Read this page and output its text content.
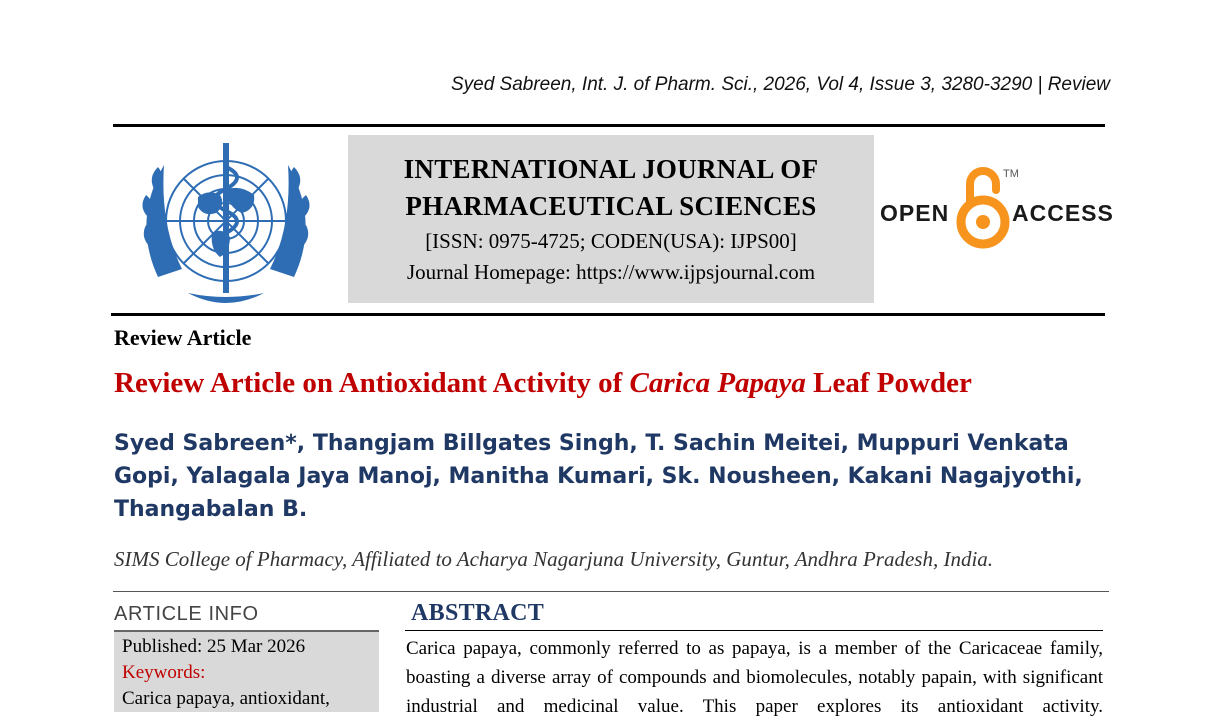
Syed Sabreen, Int. J. of Pharm. Sci., 2026, Vol 4, Issue 3, 3280-3290 | Review
INTERNATIONAL JOURNAL OF
PHARMACEUTICAL SCIENCES
[ISSN: 0975-4725; CODEN(USA): IJPS00]
Journal Homepage: https://www.ijpsjournal.com
OPEN
TM
ACCESS
Review Article
Review Article on Antioxidant Activity of Carica Papaya Leaf Powder
Syed Sabreen*, Thangjam Billgates Singh, T. Sachin Meitei, Muppuri Venkata Gopi, Yalagala Jaya Manoj, Manitha Kumari, Sk. Nousheen, Kakani Nagajyothi, Thangabalan B.
SIMS College of Pharmacy, Affiliated to Acharya Nagarjuna University, Guntur, Andhra Pradesh, India.
ARTICLE INFO
Published: 25 Mar 2026
Keywords:
Carica papaya, antioxidant,
ABSTRACT
Carica papaya, commonly referred to as papaya, is a member of the Caricaceae family, boasting a diverse array of compounds and biomolecules, notably papain, with significant industrial and medicinal value. This paper explores its antioxidant activity.
